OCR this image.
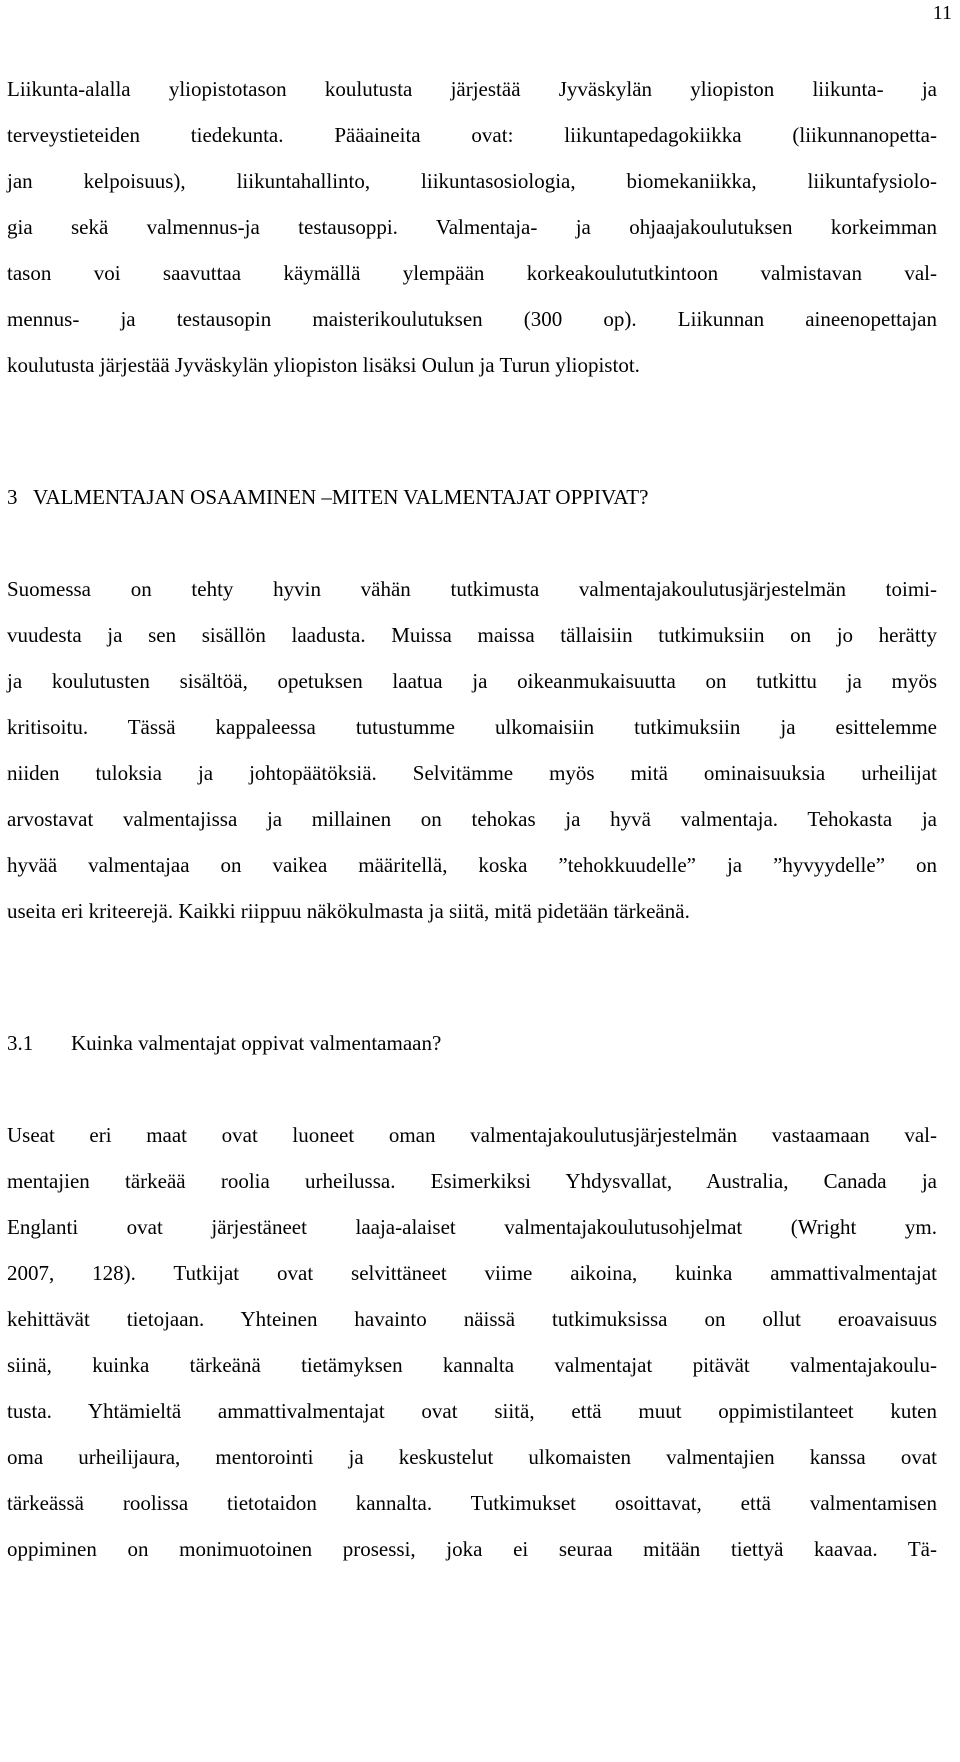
11
Liikunta-alalla yliopistotason koulutusta järjestää Jyväskylän yliopiston liikunta- ja
terveystieteiden tiedekunta. Pääaineita ovat: liikuntapedagokiikka (liikunnanopetta-
jan kelpoisuus), liikuntahallinto, liikuntasosiologia, biomekaniikka, liikuntafysiolo-
gia sekä valmennus-ja testausoppi. Valmentaja- ja ohjaajakoulutuksen korkeimman
tason voi saavuttaa käymällä ylempään korkeakoulututkintoon valmistavan val-
mennus- ja testausopin maisterikoulutuksen (300 op). Liikunnan aineenopettajan
koulutusta järjestää Jyväskylän yliopiston lisäksi Oulun ja Turun yliopistot.
3 VALMENTAJAN OSAAMINEN –MITEN VALMENTAJAT OPPIVAT?
Suomessa on tehty hyvin vähän tutkimusta valmentajakoulutusjärjestelmän toimi-
vuudesta ja sen sisällön laadusta. Muissa maissa tällaisiin tutkimuksiin on jo herätty
ja koulutusten sisältöä, opetuksen laatua ja oikeanmukaisuutta on tutkittu ja myös
kritisoitu. Tässä kappaleessa tutustumme ulkomaisiin tutkimuksiin ja esittelemme
niiden tuloksia ja johtopäätöksiä. Selvitämme myös mitä ominaisuuksia urheilijat
arvostavat valmentajissa ja millainen on tehokas ja hyvä valmentaja. Tehokasta ja
hyvää valmentajaa on vaikea määritellä, koska ”tehokkuudelle” ja ”hyvyydelle” on
useita eri kriteerejä. Kaikki riippuu näkökulmasta ja siitä, mitä pidetään tärkeänä.
3.1 Kuinka valmentajat oppivat valmentamaan?
Useat eri maat ovat luoneet oman valmentajakoulutusjärjestelmän vastaamaan val-
mentajien tärkeää roolia urheilussa. Esimerkiksi Yhdysvallat, Australia, Canada ja
Englanti ovat järjestäneet laaja-alaiset valmentajakoulutusohjelmat (Wright ym.
2007, 128). Tutkijat ovat selvittäneet viime aikoina, kuinka ammattivalmentajat
kehittävät tietojaan. Yhteinen havainto näissä tutkimuksissa on ollut eroavaisuus
siinä, kuinka tärkeänä tietämyksen kannalta valmentajat pitävät valmentajakoulu-
tusta. Yhtämieltä ammattivalmentajat ovat siitä, että muut oppimistilanteet kuten
oma urheilijaura, mentorointi ja keskustelut ulkomaisten valmentajien kanssa ovat
tärkeässä roolissa tietotaidon kannalta. Tutkimukset osoittavat, että valmentamisen
oppiminen on monimuotoinen prosessi, joka ei seuraa mitään tiettyä kaavaa. Tä-
